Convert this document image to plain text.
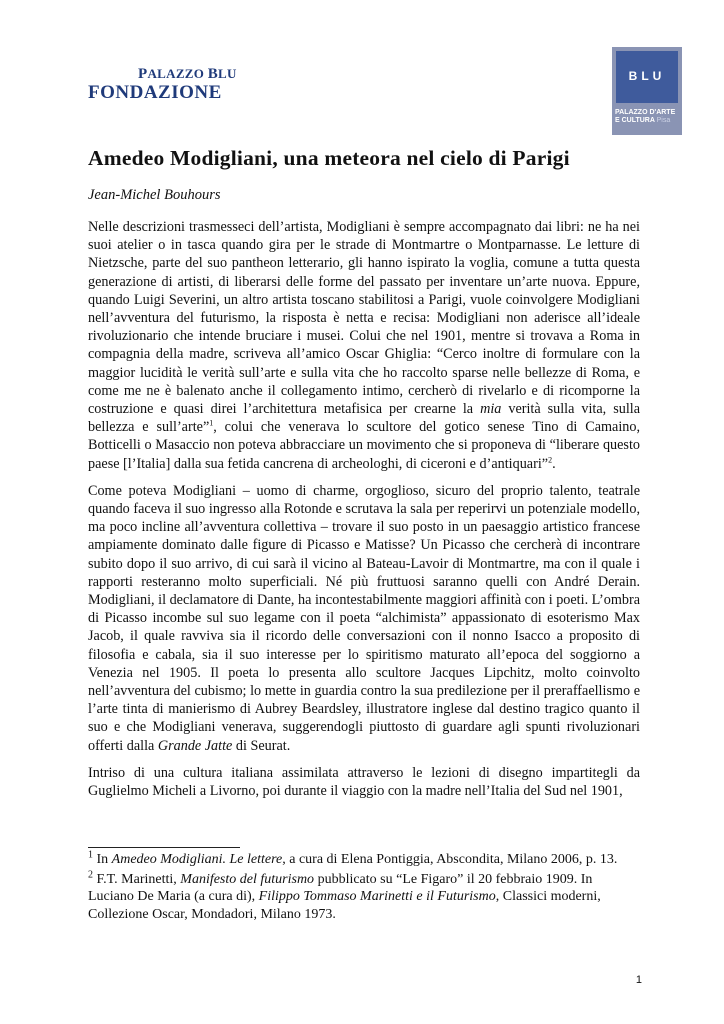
PALAZZO BLU
FONDAZIONE
BLU
PALAZZO D'ARTE
E CULTURA Pisa
Amedeo Modigliani, una meteora nel cielo di Parigi
Jean-Michel Bouhours

Nelle descrizioni trasmesseci dell’artista, Modigliani è sempre accompagnato dai libri: ne ha nei suoi atelier o in tasca quando gira per le strade di Montmartre o Montparnasse. Le letture di Nietzsche, parte del suo pantheon letterario, gli hanno ispirato la voglia, comune a tutta questa generazione di artisti, di liberarsi delle forme del passato per inventare un’arte nuova. Eppure, quando Luigi Severini, un altro artista toscano stabilitosi a Parigi, vuole coinvolgere Modigliani nell’avventura del futurismo, la risposta è netta e recisa: Modigliani non aderisce all’ideale rivoluzionario che intende bruciare i musei. Colui che nel 1901, mentre si trovava a Roma in compagnia della madre, scriveva all’amico Oscar Ghiglia: “Cerco inoltre di formulare con la maggior lucidità le verità sull’arte e sulla vita che ho raccolto sparse nelle bellezze di Roma, e come me ne è balenato anche il collegamento intimo, cercherò di rivelarlo e di ricomporne la costruzione e quasi direi l’architettura metafisica per crearne la mia verità sulla vita, sulla bellezza e sull’arte”$^1$, colui che venerava lo scultore del gotico senese Tino di Camaino, Botticelli o Masaccio non poteva abbracciare un movimento che si proponeva di “liberare questo paese [l’Italia] dalla sua fetida cancrena di archeologhi, di ciceroni e d’antiquari”$^2$.

Come poteva Modigliani – uomo di charme, orgoglioso, sicuro del proprio talento, teatrale quando faceva il suo ingresso alla Rotonde e scrutava la sala per reperirvi un potenziale modello, ma poco incline all’avventura collettiva – trovare il suo posto in un paesaggio artistico francese ampiamente dominato dalle figure di Picasso e Matisse? Un Picasso che cercherà di incontrare subito dopo il suo arrivo, di cui sarà il vicino al Bateau-Lavoir di Montmartre, ma con il quale i rapporti resteranno molto superficiali. Né più fruttuosi saranno quelli con André Derain. Modigliani, il declamatore di Dante, ha incontestabilmente maggiori affinità con i poeti. L’ombra di Picasso incombe sul suo legame con il poeta “alchimista” appassionato di esoterismo Max Jacob, il quale ravviva sia il ricordo delle conversazioni con il nonno Isacco a proposito di filosofia e cabala, sia il suo interesse per lo spiritismo maturato all’epoca del soggiorno a Venezia nel 1905. Il poeta lo presenta allo scultore Jacques Lipchitz, molto coinvolto nell’avventura del cubismo; lo mette in guardia contro la sua predilezione per il preraffaellismo e l’arte tinta di manierismo di Aubrey Beardsley, illustratore inglese dal destino tragico quanto il suo e che Modigliani venerava, suggerendogli piuttosto di guardare agli spunti rivoluzionari offerti dalla Grande Jatte di Seurat.

Intriso di una cultura italiana assimilata attraverso le lezioni di disegno impartitegli da Guglielmo Micheli a Livorno, poi durante il viaggio con la madre nell’Italia del Sud nel 1901,

$^1$ In Amedeo Modigliani. Le lettere, a cura di Elena Pontiggia, Abscondita, Milano 2006, p. 13.
$^2$ F.T. Marinetti, Manifesto del futurismo pubblicato su “Le Figaro” il 20 febbraio 1909. In Luciano De Maria (a cura di), Filippo Tommaso Marinetti e il Futurismo, Classici moderni, Collezione Oscar, Mondadori, Milano 1973.
1
